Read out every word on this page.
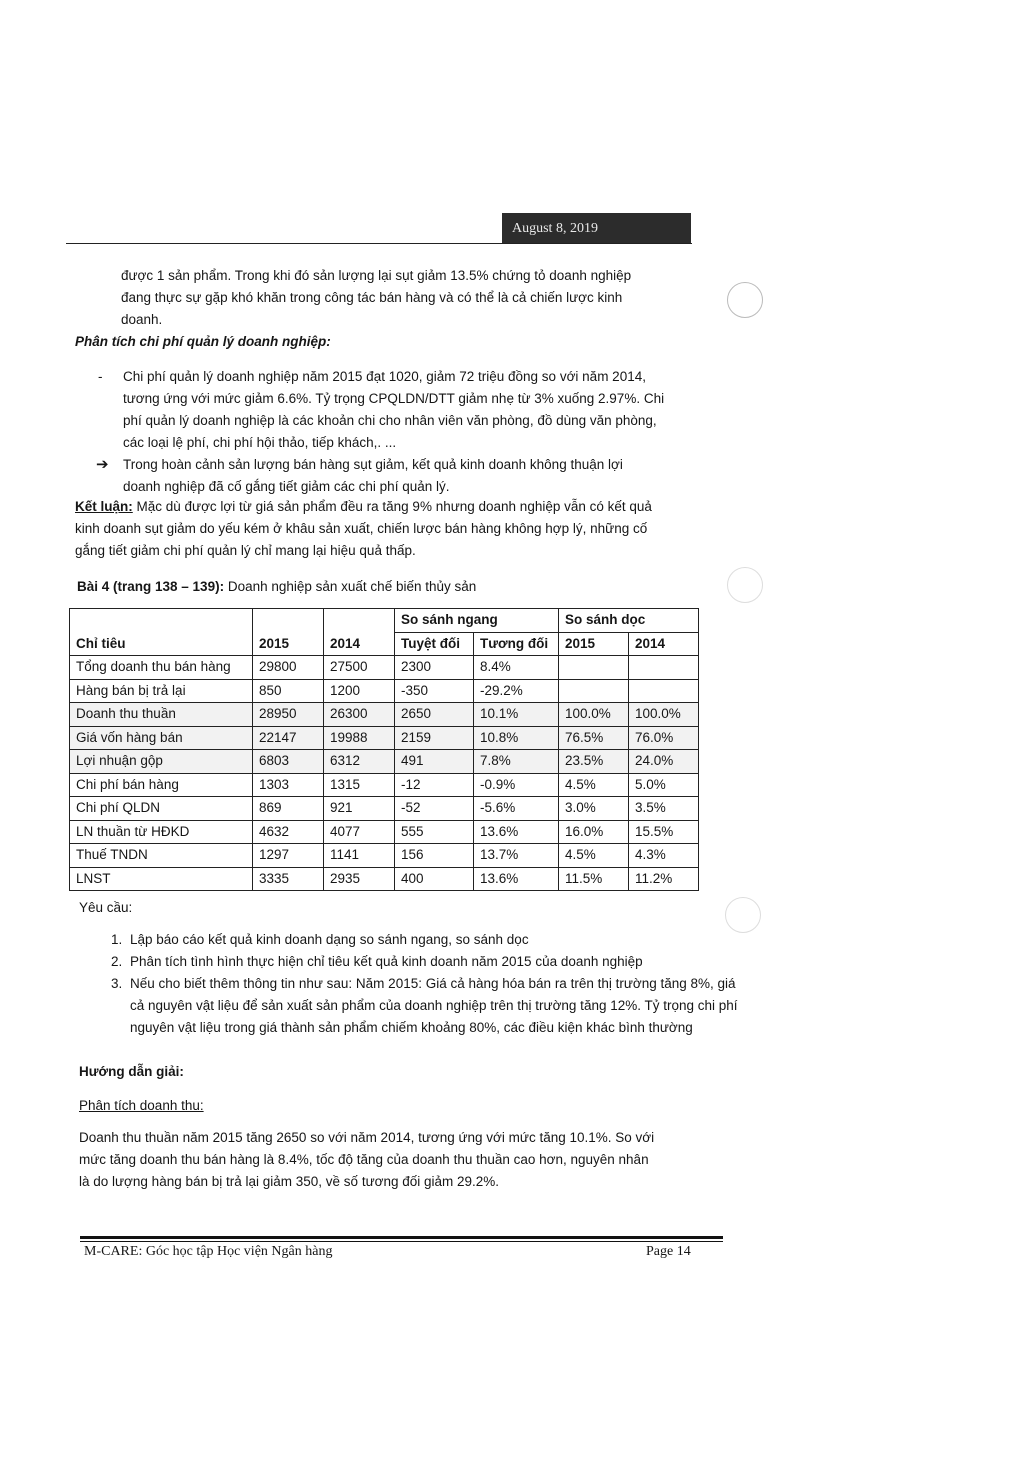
August 8, 2019

được 1 sản phẩm. Trong khi đó sản lượng lại sụt giảm 13.5% chứng tỏ doanh nghiệp

đang thực sự gặp khó khăn trong công tác bán hàng và có thể là cả chiến lược kinh

doanh.

Phân tích chi phí quản lý doanh nghiệp:
- Chi phí quản lý doanh nghiệp năm 2015 đạt 1020, giảm 72 triệu đồng so với năm 2014,

tương ứng với mức giảm 6.6%. Tỷ trọng CPQLDN/DTT giảm nhẹ từ 3% xuống 2.97%. Chi

phí quản lý doanh nghiệp là các khoản chi cho nhân viên văn phòng, đồ dùng văn phòng,

các loại lệ phí, chi phí hội thảo, tiếp khách,. ...

➔ Trong hoàn cảnh sản lượng bán hàng sụt giảm, kết quả kinh doanh không thuận lợi

doanh nghiệp đã cố gắng tiết giảm các chi phí quản lý.

Kết luận: Mặc dù được lợi từ giá sản phẩm đều ra tăng 9% nhưng doanh nghiệp vẫn có kết quả

kinh doanh sụt giảm do yếu kém ở khâu sản xuất, chiến lược bán hàng không hợp lý, những cố

gắng tiết giảm chi phí quản lý chỉ mang lại hiệu quả thấp.

Bài 4 (trang 138 – 139): Doanh nghiệp sản xuất chế biến thủy sản
Chỉ tiêu	2015	2014	So sánh ngang		So sánh dọc	
			Tuyệt đối	Tương đối	2015	2014
Tổng doanh thu bán hàng	29800	27500	2300	8.4%		
Hàng bán bị trả lại	850	1200	-350	-29.2%		
Doanh thu thuần	28950	26300	2650	10.1%	100.0%	100.0%
Giá vốn hàng bán	22147	19988	2159	10.8%	76.5%	76.0%
Lợi nhuận gộp	6803	6312	491	7.8%	23.5%	24.0%
Chi phí bán hàng	1303	1315	-12	-0.9%	4.5%	5.0%
Chi phí QLDN	869	921	-52	-5.6%	3.0%	3.5%
LN thuần từ HĐKD	4632	4077	555	13.6%	16.0%	15.5%
Thuế TNDN	1297	1141	156	13.7%	4.5%	4.3%
LNST	3335	2935	400	13.6%	11.5%	11.2%
Yêu cầu:
1. Lập báo cáo kết quả kinh doanh dạng so sánh ngang, so sánh dọc
2. Phân tích tình hình thực hiện chỉ tiêu kết quả kinh doanh năm 2015 của doanh nghiệp
3. Nếu cho biết thêm thông tin như sau: Năm 2015: Giá cả hàng hóa bán ra trên thị trường tăng 8%, giá cả nguyên vật liệu để sản xuất sản phẩm của doanh nghiệp trên thị trường tăng 12%. Tỷ trọng chi phí nguyên vật liệu trong giá thành sản phẩm chiếm khoảng 80%, các điều kiện khác bình thường
Hướng dẫn giải:
Phân tích doanh thu:

Doanh thu thuần năm 2015 tăng 2650 so với năm 2014, tương ứng với mức tăng 10.1%. So với

mức tăng doanh thu bán hàng là 8.4%, tốc độ tăng của doanh thu thuần cao hơn, nguyên nhân

là do lượng hàng bán bị trả lại giảm 350, về số tương đối giảm 29.2%.

M-CARE: Góc học tập Học viện Ngân hàng	Page 14
